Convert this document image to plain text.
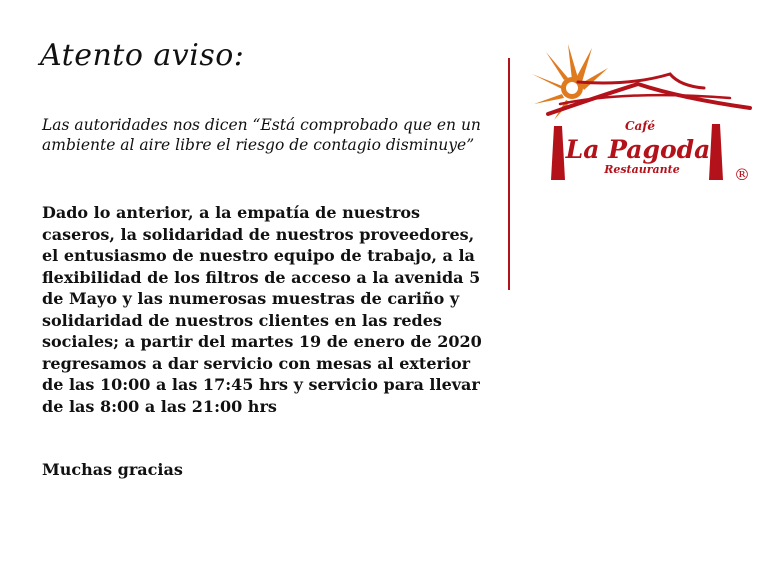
Atento aviso:

Las autoridades nos dicen “Está comprobado que en un ambiente al aire libre el riesgo de contagio disminuye”

Dado lo anterior, a la empatía de nuestros caseros, la solidaridad de nuestros proveedores, el entusiasmo de nuestro equipo de trabajo, a la flexibilidad de los filtros de acceso a la avenida 5 de Mayo y las numerosas muestras de cariño y solidaridad de nuestros clientes en las redes sociales; a partir del martes 19 de enero de 2020 regresamos a dar servicio con mesas al exterior de las 10:00 a las 17:45 hrs y servicio para llevar de las 8:00 a las 21:00 hrs

Muchas gracias

Café
La Pagoda
Restaurante	®
